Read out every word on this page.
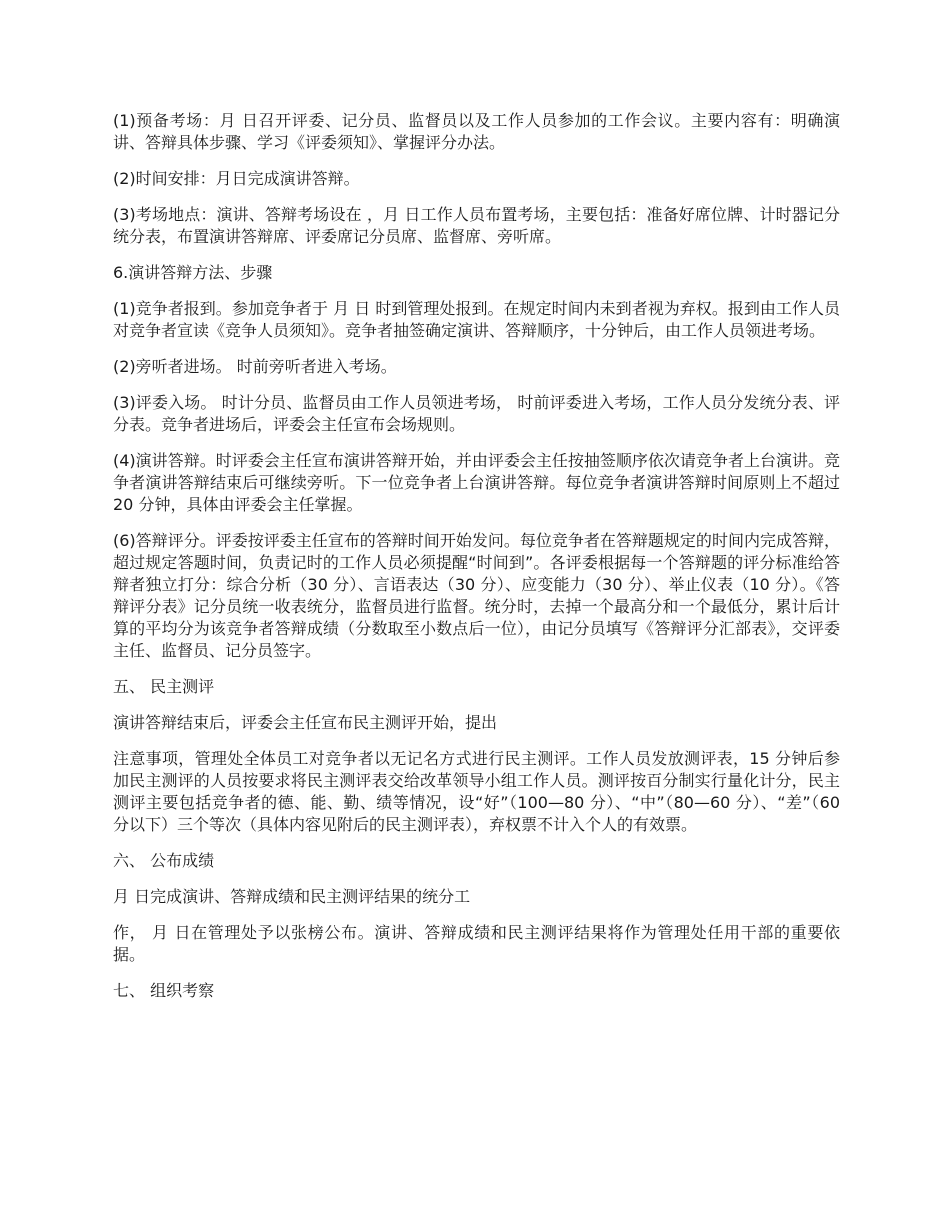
(1)预备考场：月 日召开评委、记分员、监督员以及工作人员参加的工作会议。主要内容有：明确演讲、答辩具体步骤、学习《评委须知》、掌握评分办法。

(2)时间安排：月日完成演讲答辩。

(3)考场地点：演讲、答辩考场设在 ，月 日工作人员布置考场，主要包括：准备好席位牌、计时器记分统分表，布置演讲答辩席、评委席记分员席、监督席、旁听席。

6.演讲答辩方法、步骤

(1)竞争者报到。参加竞争者于 月 日 时到管理处报到。在规定时间内未到者视为弃权。报到由工作人员对竞争者宣读《竞争人员须知》。竞争者抽签确定演讲、答辩顺序，十分钟后，由工作人员领进考场。

(2)旁听者进场。 时前旁听者进入考场。

(3)评委入场。 时计分员、监督员由工作人员领进考场， 时前评委进入考场，工作人员分发统分表、评分表。竞争者进场后，评委会主任宣布会场规则。

(4)演讲答辩。时评委会主任宣布演讲答辩开始，并由评委会主任按抽签顺序依次请竞争者上台演讲。竞争者演讲答辩结束后可继续旁听。下一位竞争者上台演讲答辩。每位竞争者演讲答辩时间原则上不超过 20 分钟，具体由评委会主任掌握。

(6)答辩评分。评委按评委主任宣布的答辩时间开始发问。每位竞争者在答辩题规定的时间内完成答辩，超过规定答题时间，负责记时的工作人员必须提醒“时间到”。各评委根据每一个答辩题的评分标准给答辩者独立打分：综合分析（30 分）、言语表达（30 分）、应变能力（30 分）、举止仪表（10 分）。《答辩评分表》记分员统一收表统分，监督员进行监督。统分时，去掉一个最高分和一个最低分，累计后计算的平均分为该竞争者答辩成绩（分数取至小数点后一位），由记分员填写《答辩评分汇部表》，交评委主任、监督员、记分员签字。

五、 民主测评

演讲答辩结束后，评委会主任宣布民主测评开始，提出

注意事项，管理处全体员工对竞争者以无记名方式进行民主测评。工作人员发放测评表，15 分钟后参加民主测评的人员按要求将民主测评表交给改革领导小组工作人员。测评按百分制实行量化计分，民主测评主要包括竞争者的德、能、勤、绩等情况，设“好”（100—80 分）、“中”（80—60 分）、“差”（60 分以下）三个等次（具体内容见附后的民主测评表），弃权票不计入个人的有效票。

六、 公布成绩

月 日完成演讲、答辩成绩和民主测评结果的统分工

作， 月 日在管理处予以张榜公布。演讲、答辩成绩和民主测评结果将作为管理处任用干部的重要依据。

七、 组织考察
